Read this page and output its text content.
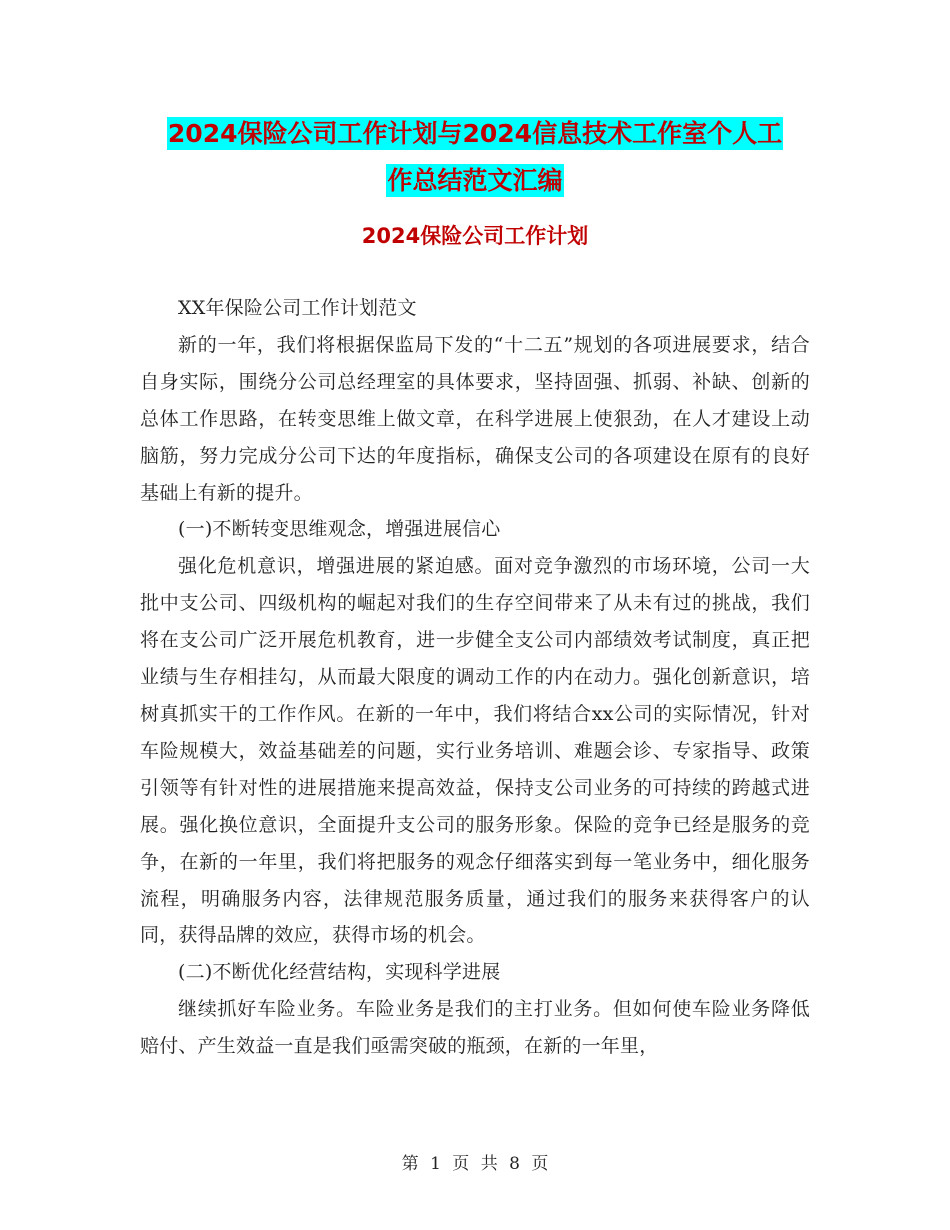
2024保险公司工作计划与2024信息技术工作室个人工
作总结范文汇编
2024保险公司工作计划

XX年保险公司工作计划范文

新的一年，我们将根据保监局下发的“十二五”规划的各项进展要求，结合自身实际，围绕分公司总经理室的具体要求，坚持固强、抓弱、补缺、创新的总体工作思路，在转变思维上做文章，在科学进展上使狠劲，在人才建设上动脑筋，努力完成分公司下达的年度指标，确保支公司的各项建设在原有的良好基础上有新的提升。

(一)不断转变思维观念，增强进展信心

强化危机意识，增强进展的紧迫感。面对竞争激烈的市场环境，公司一大批中支公司、四级机构的崛起对我们的生存空间带来了从未有过的挑战，我们将在支公司广泛开展危机教育，进一步健全支公司内部绩效考试制度，真正把业绩与生存相挂勾，从而最大限度的调动工作的内在动力。强化创新意识，培树真抓实干的工作作风。在新的一年中，我们将结合xx公司的实际情况，针对车险规模大，效益基础差的问题，实行业务培训、难题会诊、专家指导、政策引领等有针对性的进展措施来提高效益，保持支公司业务的可持续的跨越式进展。强化换位意识，全面提升支公司的服务形象。保险的竞争已经是服务的竞争，在新的一年里，我们将把服务的观念仔细落实到每一笔业务中，细化服务流程，明确服务内容，法律规范服务质量，通过我们的服务来获得客户的认同，获得品牌的效应，获得市场的机会。

(二)不断优化经营结构，实现科学进展

继续抓好车险业务。车险业务是我们的主打业务。但如何使车险业务降低赔付、产生效益一直是我们亟需突破的瓶颈，在新的一年里，

第 1 页 共 8 页
